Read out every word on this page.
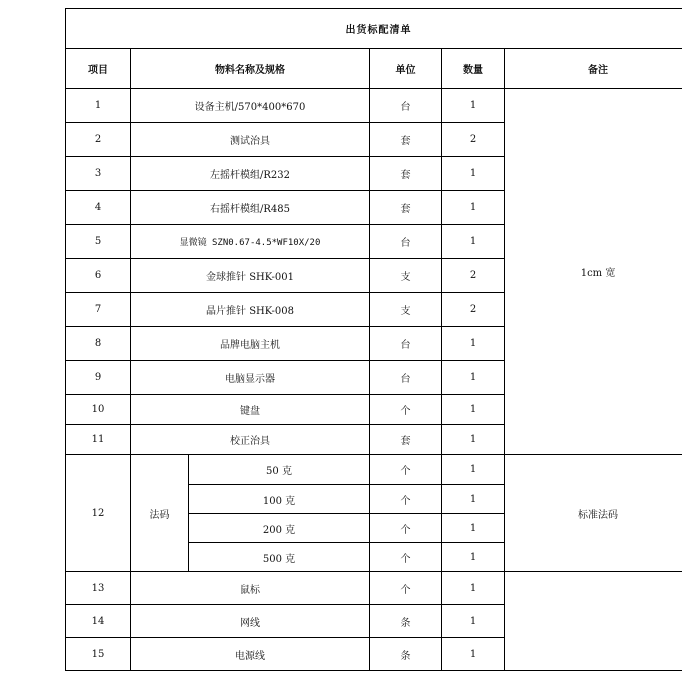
出货标配清单					
项目	物料名称及规格		单位	数量	备注
1	设备主机/570*400*670		台	1	1cm 宽
2	测试治具		套	2	
3	左摇杆模组/R232		套	1	
4	右摇杆模组/R485		套	1	
5	显微镜 SZN0.67-4.5*WF10X/20		台	1	
6	金球推针 SHK-001		支	2	
7	晶片推针 SHK-008		支	2	
8	品牌电脑主机		台	1	
9	电脑显示器		台	1	
10	键盘		个	1	
11	校正治具		套	1	
12	法码	50 克	个	1	标准法码
		100 克	个	1	
		200 克	个	1	
		500 克	个	1	
13	鼠标		个	1	
14	网线		条	1	
15	电源线		条	1	
